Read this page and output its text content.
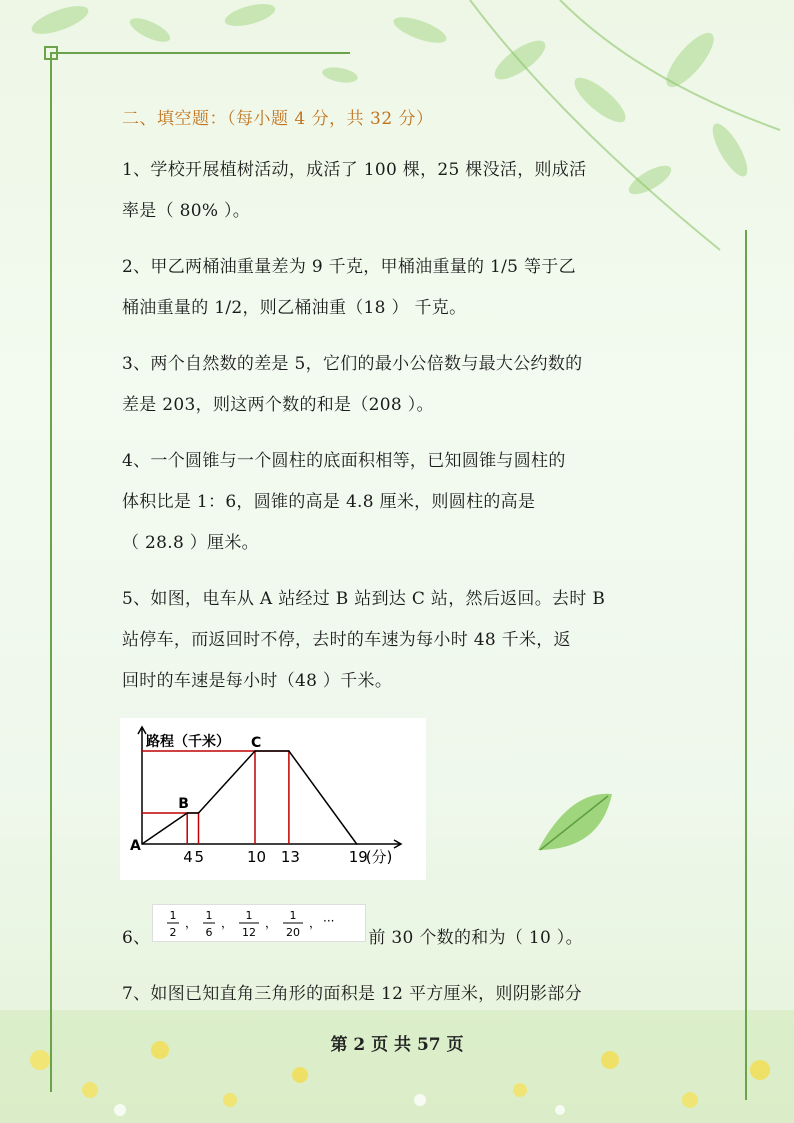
二、填空题：（每小题 4 分，共 32 分）

1、学校开展植树活动，成活了 100 棵，25 棵没活，则成活

率是（ 80% ）。

2、甲乙两桶油重量差为 9 千克，甲桶油重量的 1/5 等于乙

桶油重量的 1/2，则乙桶油重（18 ） 千克。

3、两个自然数的差是 5，它们的最小公倍数与最大公约数的

差是 203，则这两个数的和是（208 ）。

4、一个圆锥与一个圆柱的底面积相等，已知圆锥与圆柱的

体积比是 1：6，圆锥的高是 4.8 厘米，则圆柱的高是

（ 28.8 ）厘米。

5、如图，电车从 A 站经过 B 站到达 C 站，然后返回。去时 B

站停车，而返回时不停，去时的车速为每小时 48 千米，返

回时的车速是每小时（48 ）千米。

路程（千米）
A
B
C
4 5	10 13	19
(分)

6、	前 30 个数的和为（ 10 ）。

1
2
，
1
6
，
1
12
，
1
20
， ···

7、如图已知直角三角形的面积是 12 平方厘米，则阴影部分

第 2 页 共 57 页
